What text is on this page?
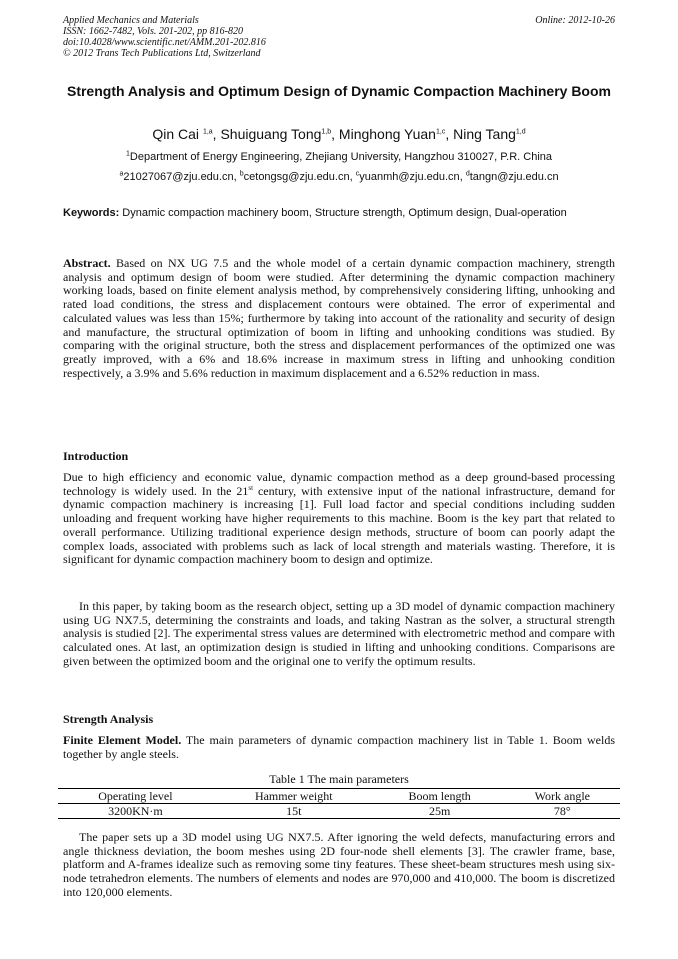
Applied Mechanics and Materials
ISSN: 1662-7482, Vols. 201-202, pp 816-820
doi:10.4028/www.scientific.net/AMM.201-202.816
© 2012 Trans Tech Publications Ltd, Switzerland
Online: 2012-10-26
Strength Analysis and Optimum Design of Dynamic Compaction Machinery Boom
Qin Cai $^{1,a}$, Shuiguang Tong$^{1,b}$, Minghong Yuan$^{1,c}$, Ning Tang$^{1,d}$
$^1$Department of Energy Engineering, Zhejiang University, Hangzhou 310027, P.R. China
$^a$21027067@zju.edu.cn, $^b$cetongsg@zju.edu.cn, $^c$yuanmh@zju.edu.cn, $^d$tangn@zju.edu.cn
Keywords: Dynamic compaction machinery boom, Structure strength, Optimum design, Dual-operation
Abstract. Based on NX UG 7.5 and the whole model of a certain dynamic compaction machinery, strength analysis and optimum design of boom were studied. After determining the dynamic compaction machinery working loads, based on finite element analysis method, by comprehensively considering lifting, unhooking and rated load conditions, the stress and displacement contours were obtained. The error of experimental and calculated values was less than 15%; furthermore by taking into account of the rationality and security of design and manufacture, the structural optimization of boom in lifting and unhooking conditions was studied. By comparing with the original structure, both the stress and displacement performances of the optimized one was greatly improved, with a 6% and 18.6% increase in maximum stress in lifting and unhooking condition respectively, a 3.9% and 5.6% reduction in maximum displacement and a 6.52% reduction in mass.
Introduction
Due to high efficiency and economic value, dynamic compaction method as a deep ground-based processing technology is widely used. In the 21st century, with extensive input of the national infrastructure, demand for dynamic compaction machinery is increasing [1]. Full load factor and special conditions including sudden unloading and frequent working have higher requirements to this machine. Boom is the key part that related to overall performance. Utilizing traditional experience design methods, structure of boom can poorly adapt the complex loads, associated with problems such as lack of local strength and materials wasting. Therefore, it is significant for dynamic compaction machinery boom to design and optimize.
In this paper, by taking boom as the research object, setting up a 3D model of dynamic compaction machinery using UG NX7.5, determining the constraints and loads, and taking Nastran as the solver, a structural strength analysis is studied [2]. The experimental stress values are determined with electrometric method and compare with calculated ones. At last, an optimization design is studied in lifting and unhooking conditions. Comparisons are given between the optimized boom and the original one to verify the optimum results.
Strength Analysis
Finite Element Model. The main parameters of dynamic compaction machinery list in Table 1. Boom welds together by angle steels.
Table 1 The main parameters
Operating level	Hammer weight	Boom length	Work angle
3200KN·m	15t	25m	78°
The paper sets up a 3D model using UG NX7.5. After ignoring the weld defects, manufacturing errors and angle thickness deviation, the boom meshes using 2D four-node shell elements [3]. The crawler frame, base, platform and A-frames idealize such as removing some tiny features. These sheet-beam structures mesh using six-node tetrahedron elements. The numbers of elements and nodes are 970,000 and 410,000. The boom is discretized into 120,000 elements.
